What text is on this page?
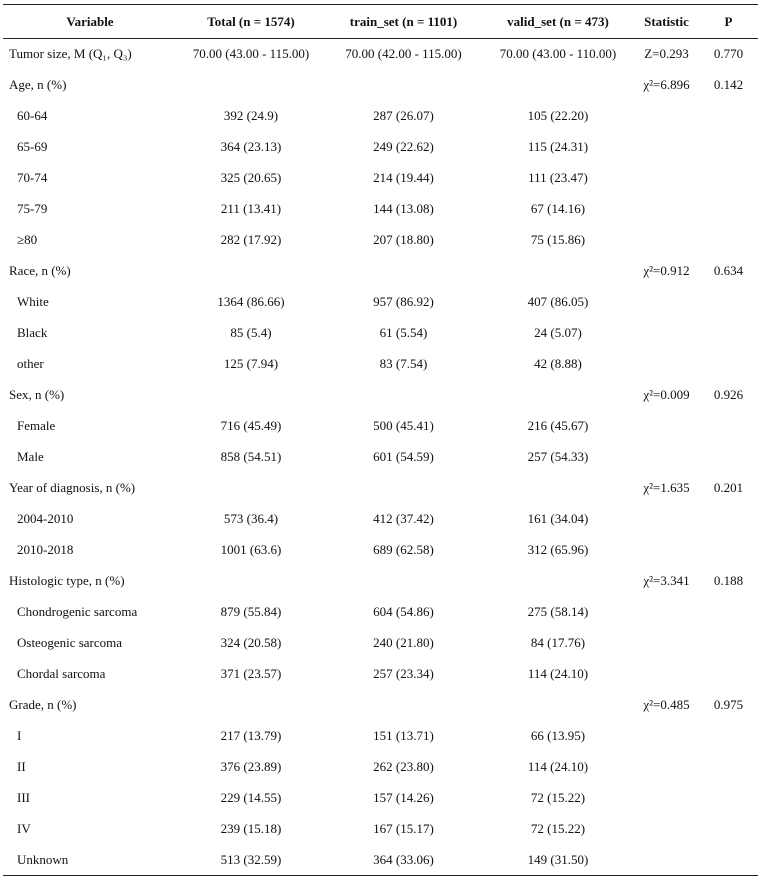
Variable	Total (n = 1574)	train_set (n = 1101)	valid_set (n = 473)	Statistic	P
Tumor size, M (Q₁, Q₃)	70.00 (43.00 - 115.00)	70.00 (42.00 - 115.00)	70.00 (43.00 - 110.00)	Z=0.293	0.770
Age, n (%)				χ²=6.896	0.142
60-64	392 (24.9)	287 (26.07)	105 (22.20)		
65-69	364 (23.13)	249 (22.62)	115 (24.31)		
70-74	325 (20.65)	214 (19.44)	111 (23.47)		
75-79	211 (13.41)	144 (13.08)	67 (14.16)		
≥80	282 (17.92)	207 (18.80)	75 (15.86)		
Race, n (%)				χ²=0.912	0.634
White	1364 (86.66)	957 (86.92)	407 (86.05)		
Black	85 (5.4)	61 (5.54)	24 (5.07)		
other	125 (7.94)	83 (7.54)	42 (8.88)		
Sex, n (%)				χ²=0.009	0.926
Female	716 (45.49)	500 (45.41)	216 (45.67)		
Male	858 (54.51)	601 (54.59)	257 (54.33)		
Year of diagnosis, n (%)				χ²=1.635	0.201
2004-2010	573 (36.4)	412 (37.42)	161 (34.04)		
2010-2018	1001 (63.6)	689 (62.58)	312 (65.96)		
Histologic type, n (%)				χ²=3.341	0.188
Chondrogenic sarcoma	879 (55.84)	604 (54.86)	275 (58.14)		
Osteogenic sarcoma	324 (20.58)	240 (21.80)	84 (17.76)		
Chordal sarcoma	371 (23.57)	257 (23.34)	114 (24.10)		
Grade, n (%)				χ²=0.485	0.975
I	217 (13.79)	151 (13.71)	66 (13.95)		
II	376 (23.89)	262 (23.80)	114 (24.10)		
III	229 (14.55)	157 (14.26)	72 (15.22)		
IV	239 (15.18)	167 (15.17)	72 (15.22)		
Unknown	513 (32.59)	364 (33.06)	149 (31.50)		
